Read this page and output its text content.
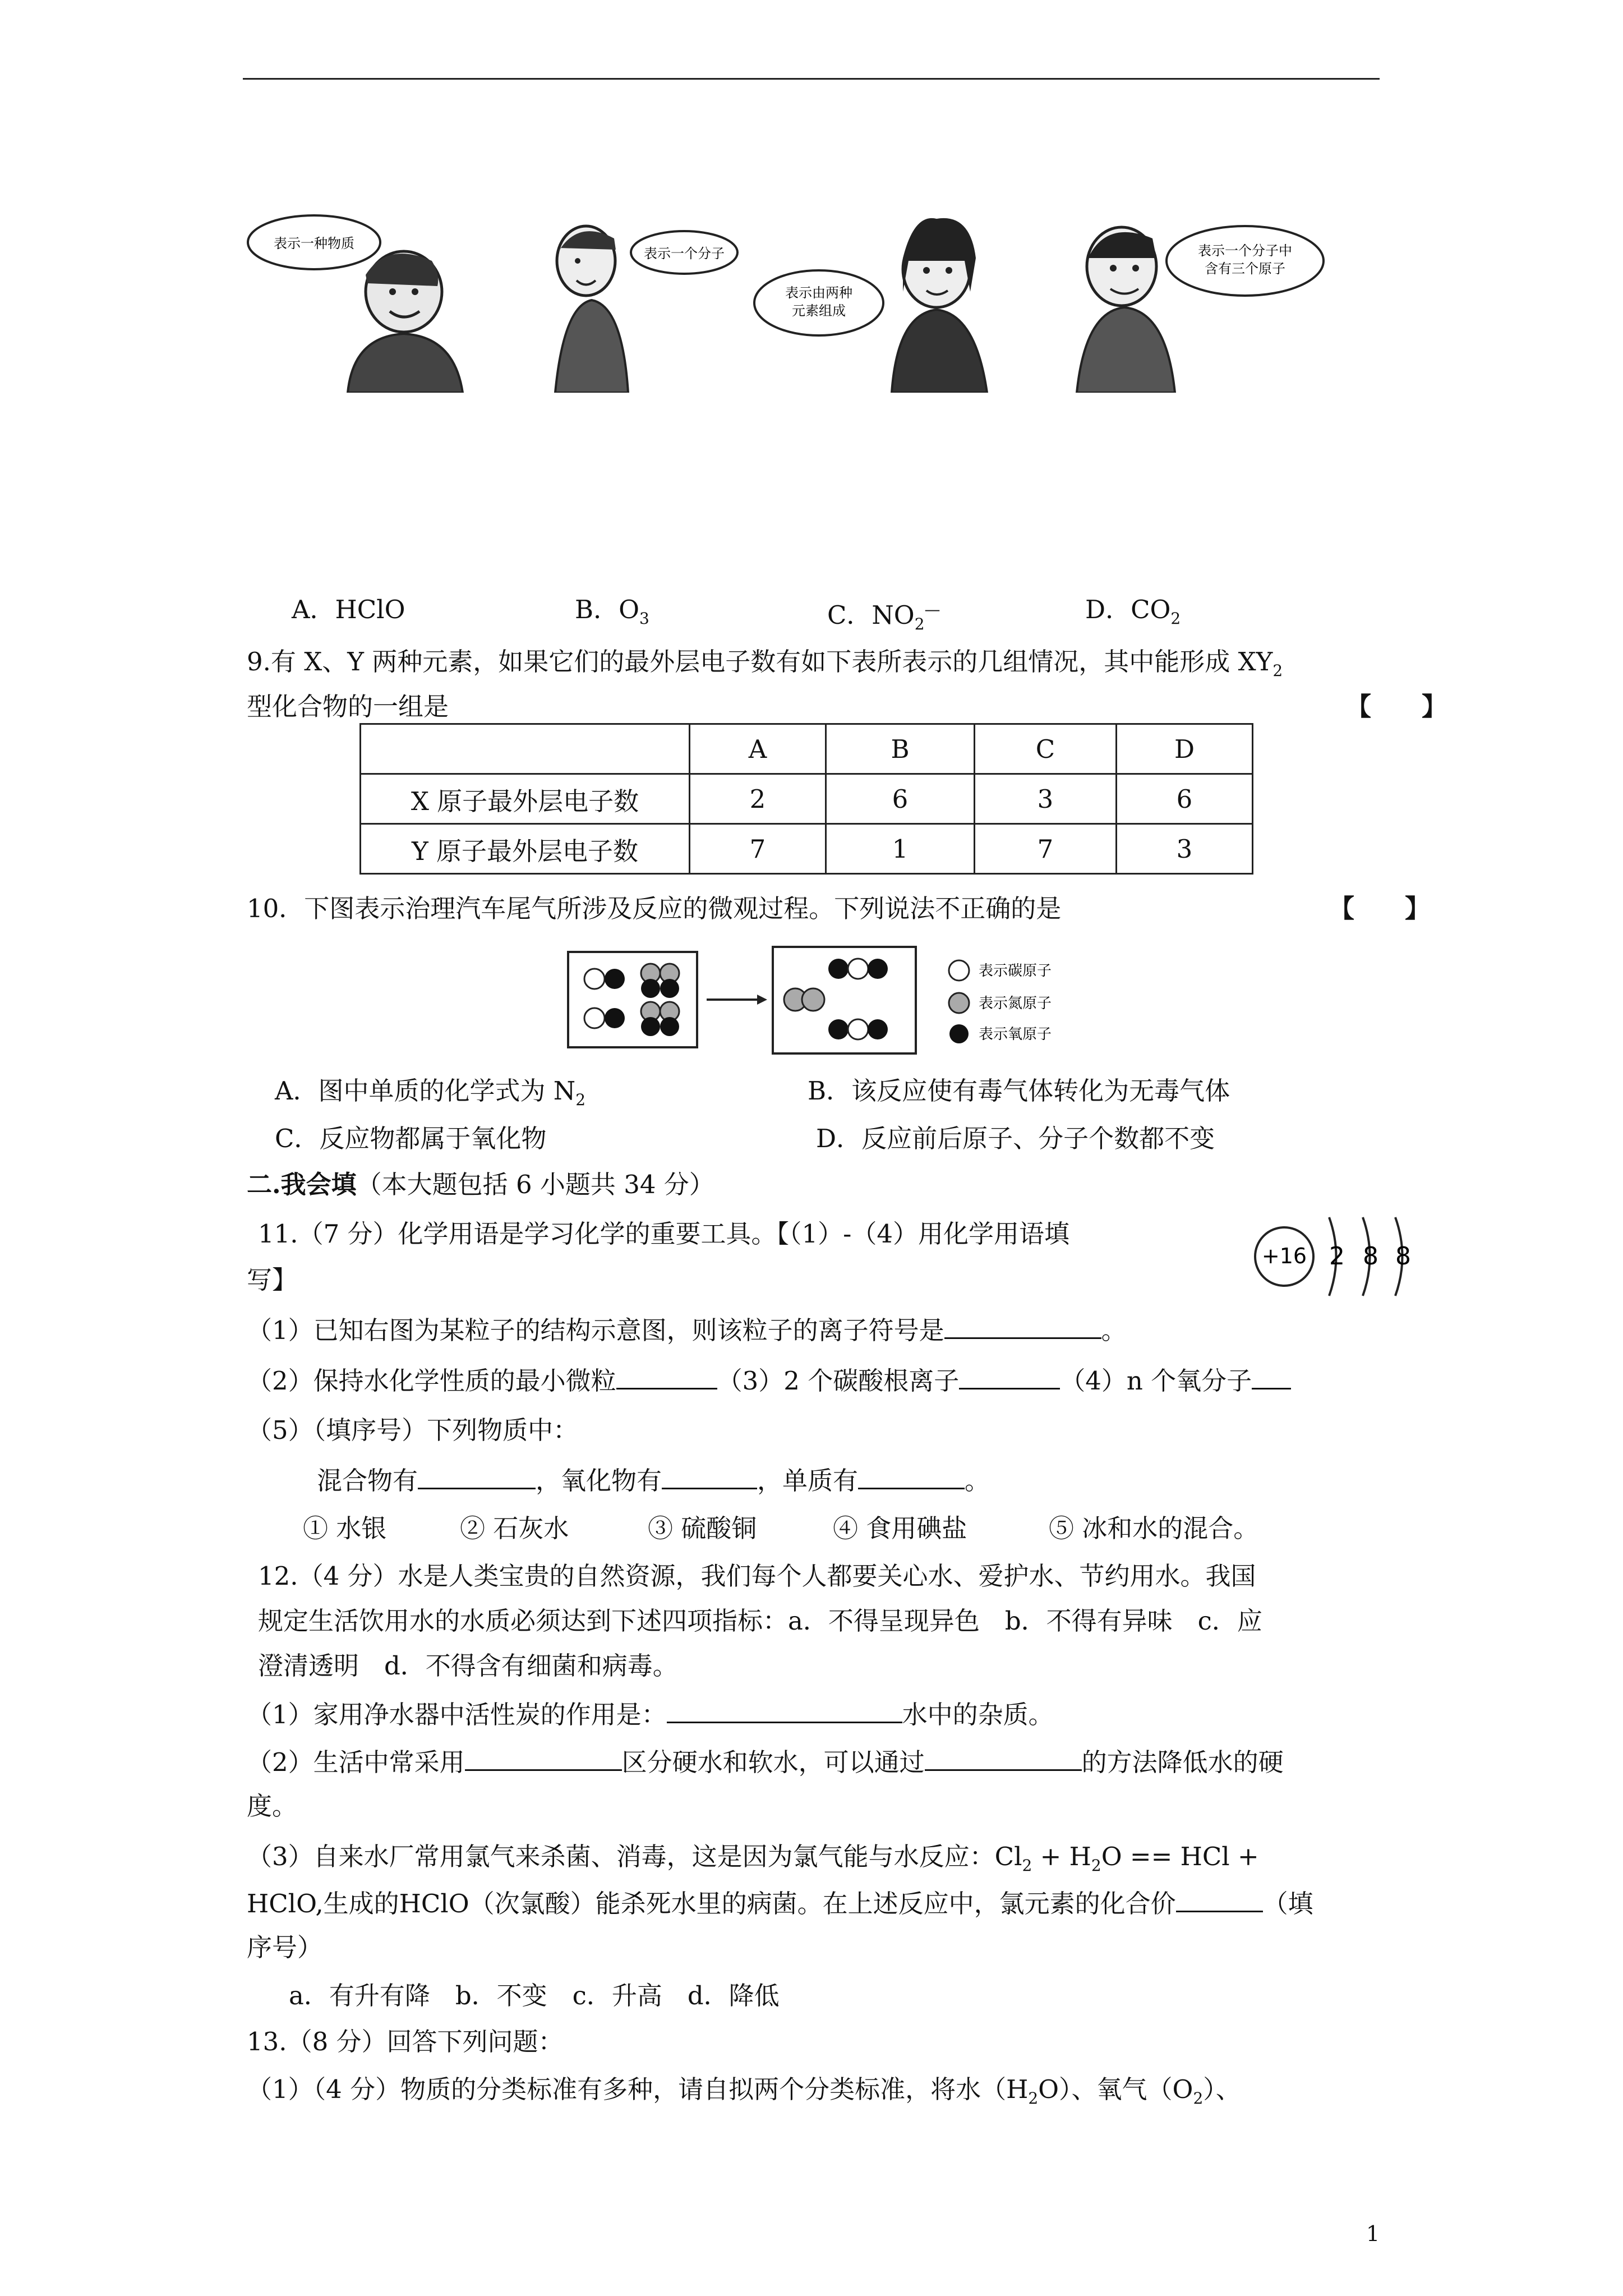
表示一种物质
表示一个分子
表示由两种
元素组成
表示一个分子中
含有三个原子
A．HClO	B．$O_3$	C．$NO_2^—$	D．$CO_2$
9.有 X、Y 两种元素，如果它们的最外层电子数有如下表所表示的几组情况，其中能形成 $XY_2$
型化合物的一组是	【　　】
	A	B	C	D
X 原子最外层电子数	2	6	3	6
Y 原子最外层电子数	7	1	7	3
10．下图表示治理汽车尾气所涉及反应的微观过程。下列说法不正确的是	【　　】
表示碳原子
表示氮原子
表示氧原子
A．图中单质的化学式为 $N_2$	B．该反应使有毒气体转化为无毒气体
C．反应物都属于氧化物	D．反应前后原子、分子个数都不变
二.我会填（本大题包括 6 小题共 34 分）
11.（7 分）化学用语是学习化学的重要工具。【（1）-（4）用化学用语填
写】
+16 2 8 8
（1）已知右图为某粒子的结构示意图，则该粒子的离子符号是	。
（2）保持水化学性质的最小微粒	（3）2 个碳酸根离子	（4）n 个氧分子
（5）（填序号）下列物质中：
混合物有	，氧化物有	，单质有	。
① 水银	② 石灰水	③ 硫酸铜	④ 食用碘盐	⑤ 冰和水的混合。
12.（4 分）水是人类宝贵的自然资源，我们每个人都要关心水、爱护水、节约用水。我国
规定生活饮用水的水质必须达到下述四项指标：a．不得呈现异色　b．不得有异味　c．应
澄清透明　d．不得含有细菌和病毒。
（1）家用净水器中活性炭的作用是：	水中的杂质。
（2）生活中常采用	区分硬水和软水，可以通过	的方法降低水的硬
度。
（3）自来水厂常用氯气来杀菌、消毒，这是因为氯气能与水反应：$Cl_2 + H_2O$ == HCl +
HClO,生成的HClO（次氯酸）能杀死水里的病菌。在上述反应中，氯元素的化合价	（填
序号）
a．有升有降　b．不变　c．升高　d．降低
13.（8 分）回答下列问题：
（1）（4 分）物质的分类标准有多种，请自拟两个分类标准，将水$(H_2O)$、氧气$(O_2)$、
1
